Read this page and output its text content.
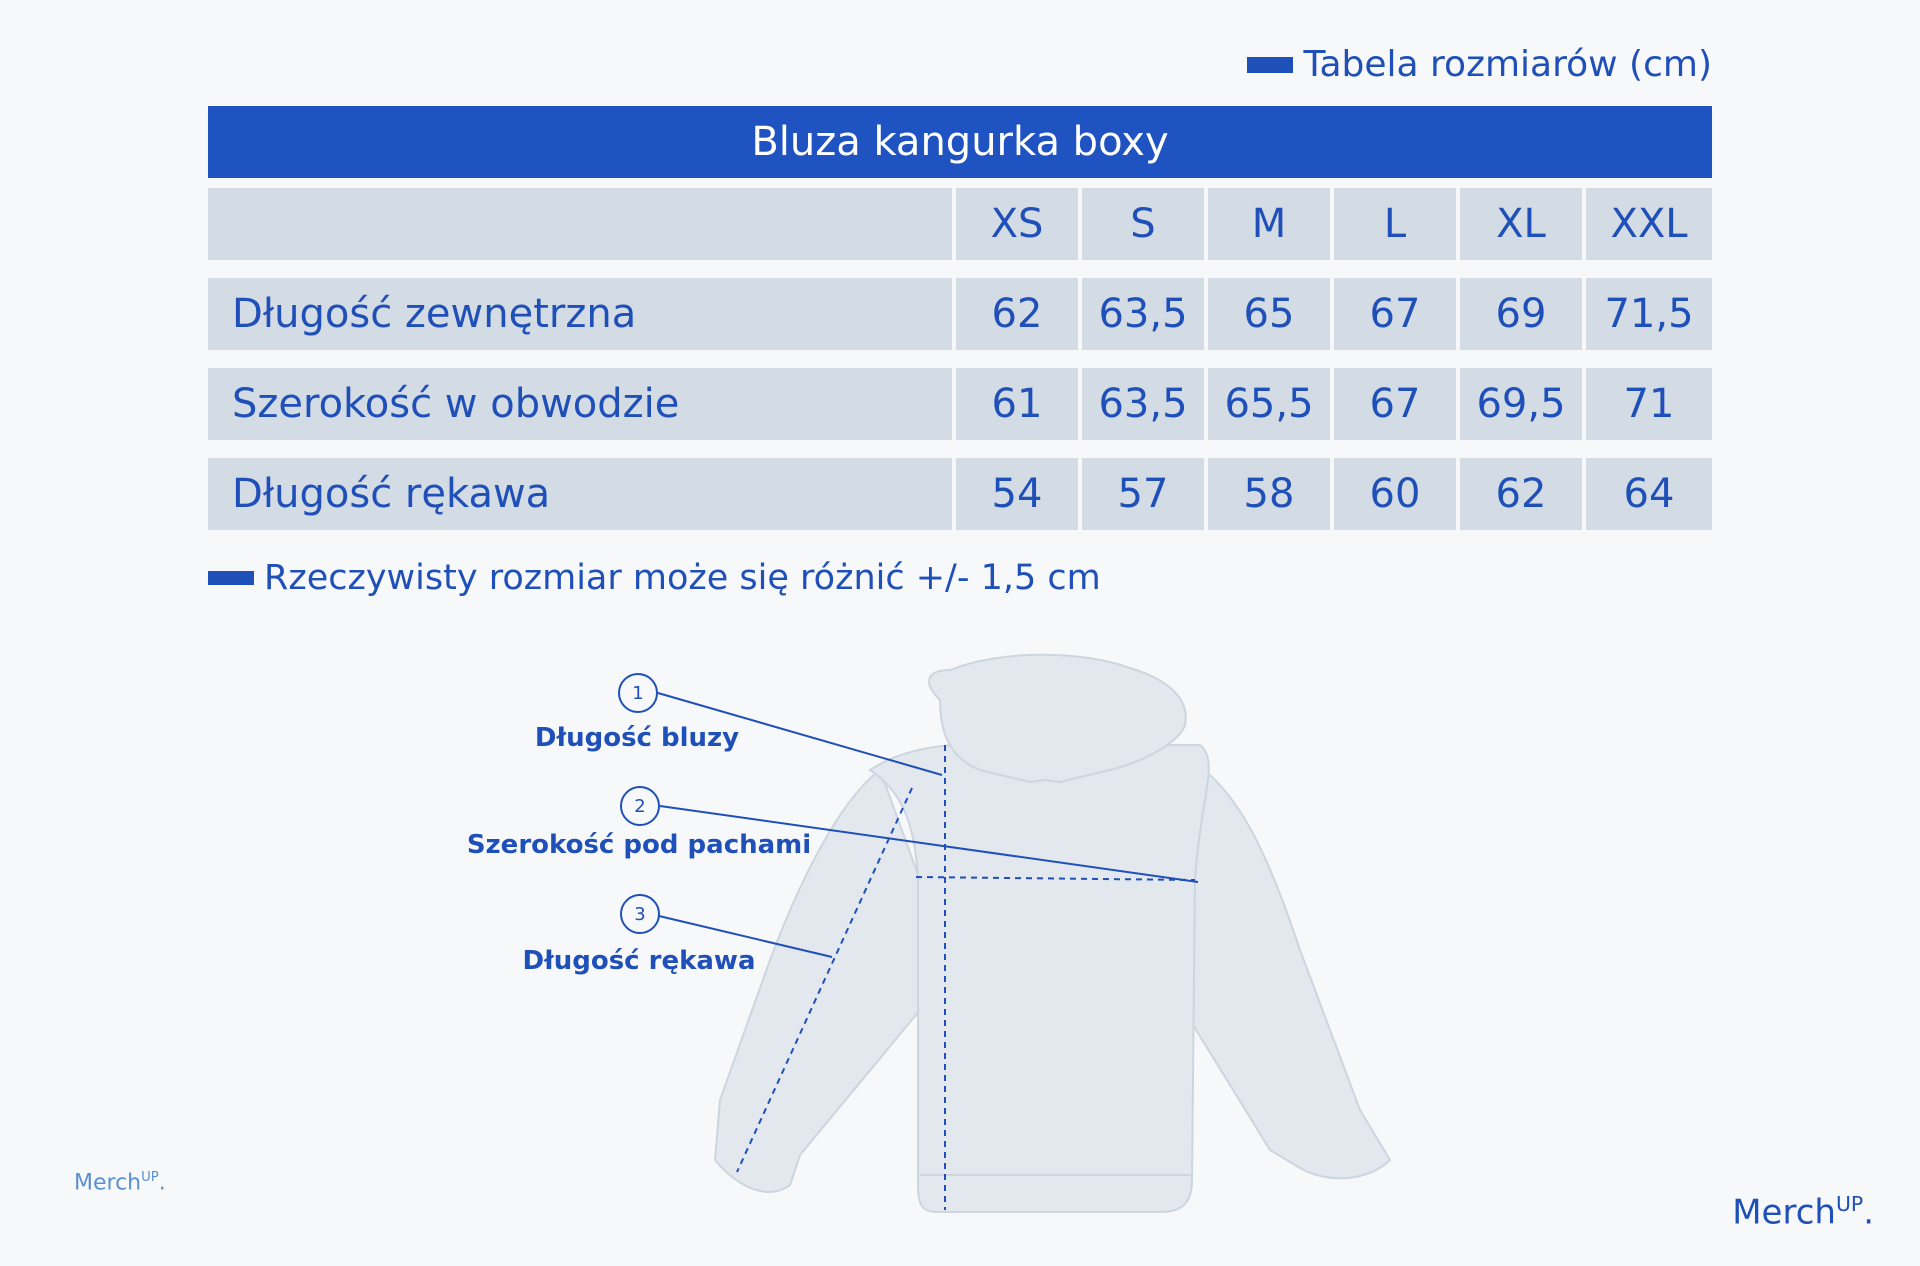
Tabela rozmiarów (cm)
Bluza kangurka boxy
XS	S	M	L	XL	XXL
Długość zewnętrzna	62	63,5	65	67	69	71,5
Szerokość w obwodzie	61	63,5 65,5	67	69,5	71
Długość rękawa	54	57	58	60	62	64
Rzeczywisty rozmiar może się różnić +/- 1,5 cm
1
Długość bluzy
2
Szerokość pod pachami
3
Długość rękawa
Merch$^{UP}$.
Merch$^{UP}$.
